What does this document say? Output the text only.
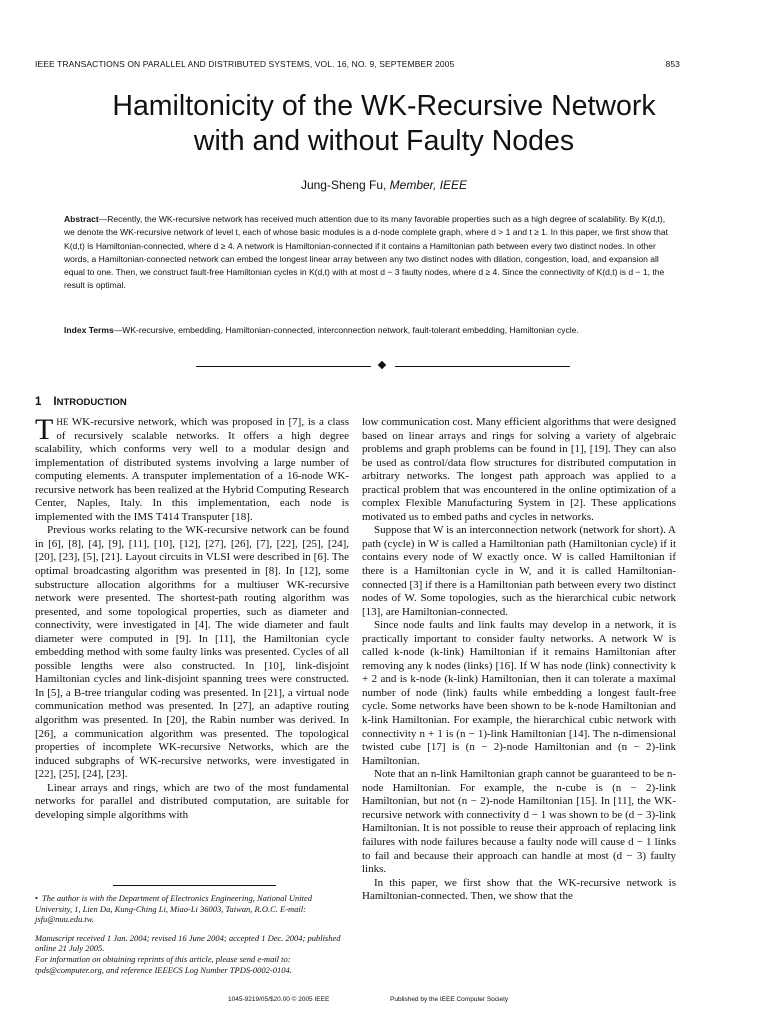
IEEE TRANSACTIONS ON PARALLEL AND DISTRIBUTED SYSTEMS, VOL. 16, NO. 9, SEPTEMBER 2005	853
Hamiltonicity of the WK-Recursive Network
with and without Faulty Nodes
Jung-Sheng Fu, Member, IEEE
Abstract—Recently, the WK-recursive network has received much attention due to its many favorable properties such as a high degree of scalability. By K(d,t), we denote the WK-recursive network of level t, each of whose basic modules is a d-node complete graph, where d > 1 and t ≥ 1. In this paper, we first show that K(d,t) is Hamiltonian-connected, where d ≥ 4. A network is Hamiltonian-connected if it contains a Hamiltonian path between every two distinct nodes. In other words, a Hamiltonian-connected network can embed the longest linear array between any two distinct nodes with dilation, congestion, load, and expansion all equal to one. Then, we construct fault-free Hamiltonian cycles in K(d,t) with at most d − 3 faulty nodes, where d ≥ 4. Since the connectivity of K(d,t) is d − 1, the result is optimal.
Index Terms—WK-recursive, embedding, Hamiltonian-connected, interconnection network, fault-tolerant embedding, Hamiltonian cycle.
1 INTRODUCTION

THE WK-recursive network, which was proposed in [7], is a class of recursively scalable networks. It offers a high degree scalability, which conforms very well to a modular design and implementation of distributed systems involving a large number of computing elements. A transputer implementation of a 16-node WK-recursive network has been realized at the Hybrid Computing Research Center, Naples, Italy. In this implementation, each node is implemented with the IMS T414 Transputer [18].

Previous works relating to the WK-recursive network can be found in [6], [8], [4], [9], [11], [10], [12], [27], [26], [7], [22], [25], [24], [20], [23], [5], [21]. Layout circuits in VLSI were described in [6]. The optimal broadcasting algorithm was presented in [8]. In [12], some substructure allocation algorithms for a multiuser WK-recursive network were presented. The shortest-path routing algorithm was presented, and some topological properties, such as diameter and connectivity, were investigated in [4]. The wide diameter and fault diameter were computed in [9]. In [11], the Hamiltonian cycle embedding method with some faulty links was presented. Cycles of all possible lengths were also constructed. In [10], link-disjoint Hamiltonian cycles and link-disjoint spanning trees were constructed. In [5], a B-tree triangular coding was presented. In [21], a virtual node communication method was presented. In [27], an adaptive routing algorithm was presented. In [20], the Rabin number was derived. In [26], a communication algorithm was presented. The topological properties of incomplete WK-recursive Networks, which are the induced subgraphs of WK-recursive networks, were investigated in [22], [25], [24], [23].

Linear arrays and rings, which are two of the most fundamental networks for parallel and distributed computation, are suitable for developing simple algorithms with

• The author is with the Department of Electronics Engineering, National United University, 1, Lien Da, Kung-Ching Li, Miao-Li 36003, Taiwan, R.O.C. E-mail: jsfu@nuu.edu.tw.

Manuscript received 1 Jan. 2004; revised 16 June 2004; accepted 1 Dec. 2004; published online 21 July 2005.

For information on obtaining reprints of this article, please send e-mail to: tpds@computer.org, and reference IEEECS Log Number TPDS-0002-0104.

low communication cost. Many efficient algorithms that were designed based on linear arrays and rings for solving a variety of algebraic problems and graph problems can be found in [1], [19]. They can also be used as control/data flow structures for distributed computation in arbitrary networks. The longest path approach was applied to a practical problem that was encountered in the online optimization of a complex Flexible Manufacturing System in [2]. These applications motivated us to embed paths and cycles in networks.

Suppose that W is an interconnection network (network for short). A path (cycle) in W is called a Hamiltonian path (Hamiltonian cycle) if it contains every node of W exactly once. W is called Hamiltonian if there is a Hamiltonian cycle in W, and it is called Hamiltonian-connected [3] if there is a Hamiltonian path between every two distinct nodes of W. Some topologies, such as the hierarchical cubic network [13], are Hamiltonian-connected.

Since node faults and link faults may develop in a network, it is practically important to consider faulty networks. A network W is called k-node (k-link) Hamiltonian if it remains Hamiltonian after removing any k nodes (links) [16]. If W has node (link) connectivity k + 2 and is k-node (k-link) Hamiltonian, then it can tolerate a maximal number of node (link) faults while embedding a longest fault-free cycle. Some networks have been shown to be k-node Hamiltonian and k-link Hamiltonian. For example, the hierarchical cubic network with connectivity n + 1 is (n − 1)-link Hamiltonian [14]. The n-dimensional twisted cube [17] is (n − 2)-node Hamiltonian and (n − 2)-link Hamiltonian.

Note that an n-link Hamiltonian graph cannot be guaranteed to be n-node Hamiltonian. For example, the n-cube is (n − 2)-link Hamiltonian, but not (n − 2)-node Hamiltonian [15]. In [11], the WK-recursive network with connectivity d − 1 was shown to be (d − 3)-link Hamiltonian. It is not possible to reuse their approach of replacing link failures with node failures because a faulty node will cause d − 1 links to fail and because their approach can handle at most (d − 3) faulty links.

In this paper, we first show that the WK-recursive network is Hamiltonian-connected. Then, we show that the

1045-9219/05/$20.00 © 2005 IEEE	Published by the IEEE Computer Society
